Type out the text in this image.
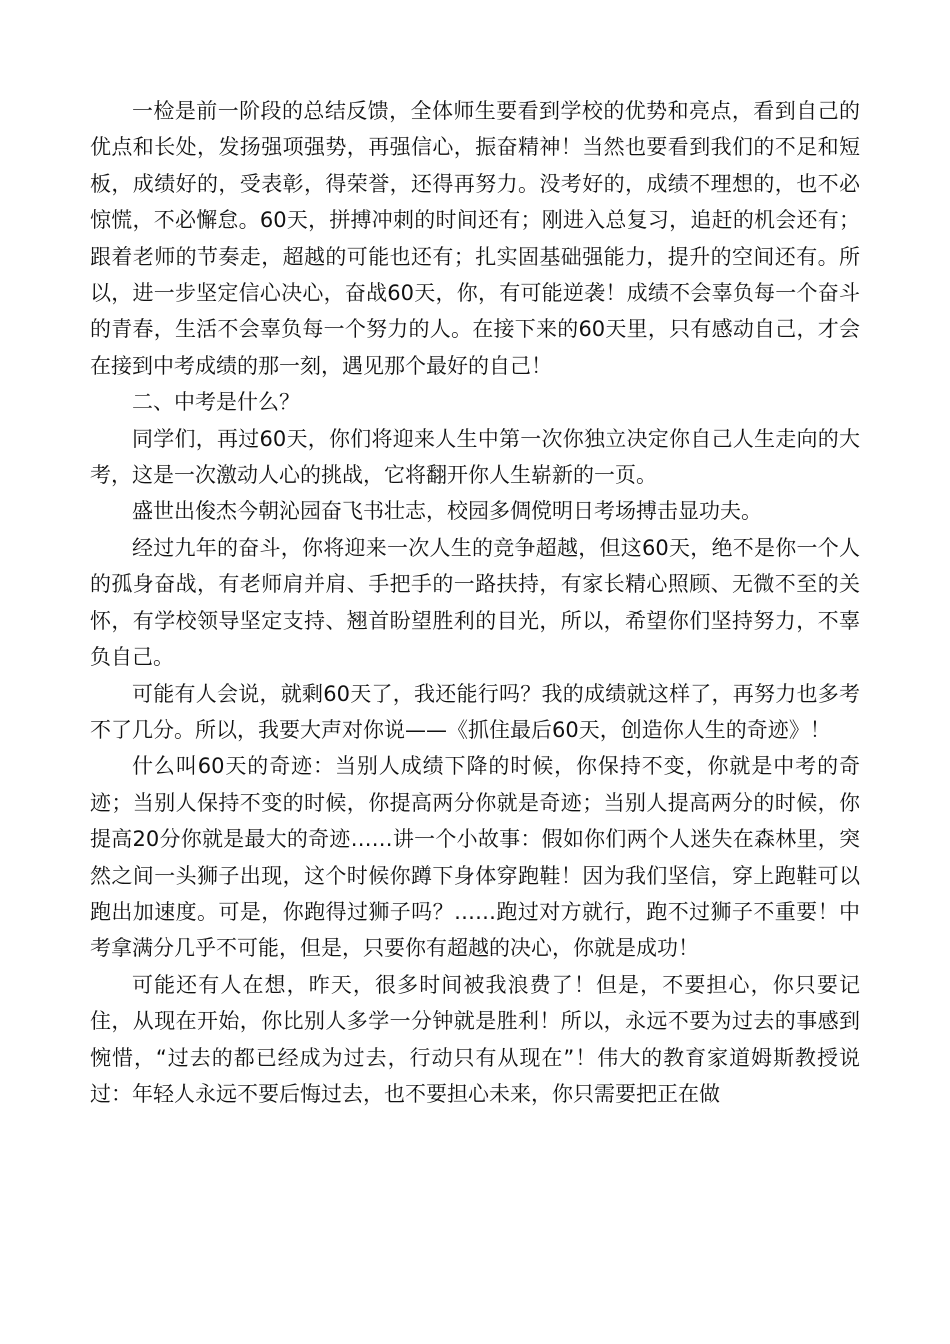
一检是前一阶段的总结反馈，全体师生要看到学校的优势和亮点，看到自己的优点和长处，发扬强项强势，再强信心，振奋精神！当然也要看到我们的不足和短板，成绩好的，受表彰，得荣誉，还得再努力。没考好的，成绩不理想的，也不必惊慌，不必懈怠。60天，拼搏冲刺的时间还有；刚进入总复习，追赶的机会还有；跟着老师的节奏走，超越的可能也还有；扎实固基础强能力，提升的空间还有。所以，进一步坚定信心决心，奋战60天，你，有可能逆袭！成绩不会辜负每一个奋斗的青春，生活不会辜负每一个努力的人。在接下来的60天里，只有感动自己，才会在接到中考成绩的那一刻，遇见那个最好的自己！

二、中考是什么？

同学们，再过60天，你们将迎来人生中第一次你独立决定你自己人生走向的大考，这是一次激动人心的挑战，它将翻开你人生崭新的一页。

盛世出俊杰今朝沁园奋飞书壮志，校园多倜傥明日考场搏击显功夫。

经过九年的奋斗，你将迎来一次人生的竞争超越，但这60天，绝不是你一个人的孤身奋战，有老师肩并肩、手把手的一路扶持，有家长精心照顾、无微不至的关怀，有学校领导坚定支持、翘首盼望胜利的目光，所以，希望你们坚持努力，不辜负自己。

可能有人会说，就剩60天了，我还能行吗？我的成绩就这样了，再努力也多考不了几分。所以，我要大声对你说——《抓住最后60天，创造你人生的奇迹》！

什么叫60天的奇迹：当别人成绩下降的时候，你保持不变，你就是中考的奇迹；当别人保持不变的时候，你提高两分你就是奇迹；当别人提高两分的时候，你提高20分你就是最大的奇迹……讲一个小故事：假如你们两个人迷失在森林里，突然之间一头狮子出现，这个时候你蹲下身体穿跑鞋！因为我们坚信，穿上跑鞋可以跑出加速度。可是，你跑得过狮子吗？……跑过对方就行，跑不过狮子不重要！中考拿满分几乎不可能，但是，只要你有超越的决心，你就是成功！

可能还有人在想，昨天，很多时间被我浪费了！但是，不要担心，你只要记住，从现在开始，你比别人多学一分钟就是胜利！所以，永远不要为过去的事感到惋惜，“过去的都已经成为过去，行动只有从现在”！伟大的教育家道姆斯教授说过：年轻人永远不要后悔过去，也不要担心未来，你只需要把正在做
